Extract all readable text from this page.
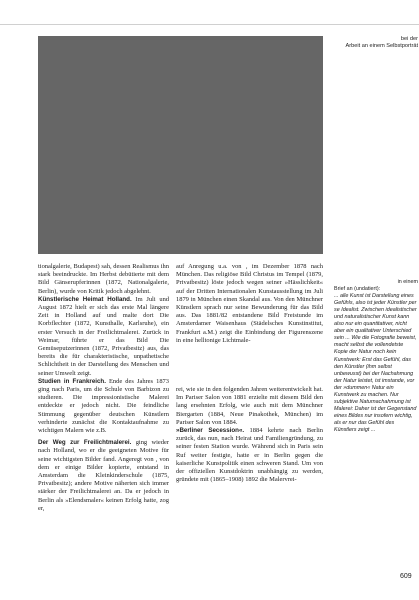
bei der
Arbeit an einem Selbstporträt

tionalgalerie, Budapest) sah, dessen Realismus ihn stark beeindruckte. Im Herbst debütierte mit dem Bild Gänserupferinnen (1872, Nationalgalerie, Berlin), wurde von Kritik jedoch abgelehnt.

Künstlerische Heimat Holland. Im Juli und August 1872 hielt er sich das erste Mal längere Zeit in Holland auf und malte dort Die Korbflechter (1872, Kunsthalle, Karlsruhe), ein erster Versuch in der Freilichtmalerei. Zurück in Weimar, führte er das Bild Die Gemüseputzerinnen (1872, Privatbesitz) aus, das bereits die für charakteristische, unpathetische Schlichtheit in der Darstellung des Menschen und seiner Umwelt zeigt.

Studien in Frankreich. Ende des Jahres 1873 ging nach Paris, um die Schule von Barbizon zu studieren. Die impressionistische Malerei entdeckte er jedoch nicht. Die feindliche Stimmung gegenüber deutschen Künstlern verhinderte zunächst die Kontaktaufnahme zu wichtigen Malern wie z.B.

Der Weg zur Freilichtmalerei. ging wieder nach Holland, wo er die geeigneten Motive für seine wichtigsten Bilder fand. Angeregt von , von dem er einige Bilder kopierte, entstand in Amsterdam die Kleinkinderschule (1875, Privatbesitz); andere Motive näherten sich immer stärker der Freilichtmalerei an. Da er jedoch in Berlin als »Elendsmaler« keinen Erfolg hatte, zog er,

auf Anregung u.a. von , im Dezember 1878 nach München. Das religiöse Bild Christus im Tempel (1879, Privatbesitz) löste jedoch wegen seiner »Hässlichkeit« auf der Dritten Internationalen Kunstausstellung im Juli 1879 in München einen Skandal aus. Von den Münchner Künstlern sprach nur seine Bewunderung für das Bild aus. Das 1881/82 entstandene Bild Freistunde im Amsterdamer Waisenhaus (Städelsches Kunstinstitut, Frankfurt a.M.) zeigt die Einbindung der Figurenszene in eine helltonige Lichtmale-

rei, wie sie in den folgenden Jahren weiterentwickelt hat. Im Pariser Salon von 1881 erzielte mit diesem Bild den lang ersehnten Erfolg, wie auch mit dem Münchner Biergarten (1884, Neue Pinakothek, München) im Pariser Salon von 1884.

»Berliner Secession«. 1884 kehrte nach Berlin zurück, das nun, nach Heirat und Familiengründung, zu seiner festen Station wurde. Während sich in Paris sein Ruf weiter festigte, hatte er in Berlin gegen die kaiserliche Kunstpolitik einen schweren Stand. Um von der offiziellen Kunstdoktrin unabhängig zu werden, gründete mit (1865–1908) 1892 die Malervrei-

in einem
Brief an (undatiert):
... alle Kunst ist Darstellung eines Gefühls, also ist jeder Künstler per se Idealist. Zwischen idealistischer und naturalistischer Kunst kann also nur ein quantitativer, nicht aber ein qualitativer Unterschied sein ... Wie die Fotografie beweist, macht selbst die vollendetste Kopie der Natur noch kein Kunstwerk: Erst das Gefühl, das den Künstler (ihm selbst unbewusst) bei der Nachahmung der Natur leistet, ist imstande, vor der »dummen« Natur ein Kunstwerk zu machen. Nur subjektive Naturnachahmung ist Malerei: Daher ist der Gegenstand eines Bildes nur insofern wichtig, als er nur das Gefühl des Künstlers zeigt ...
609
